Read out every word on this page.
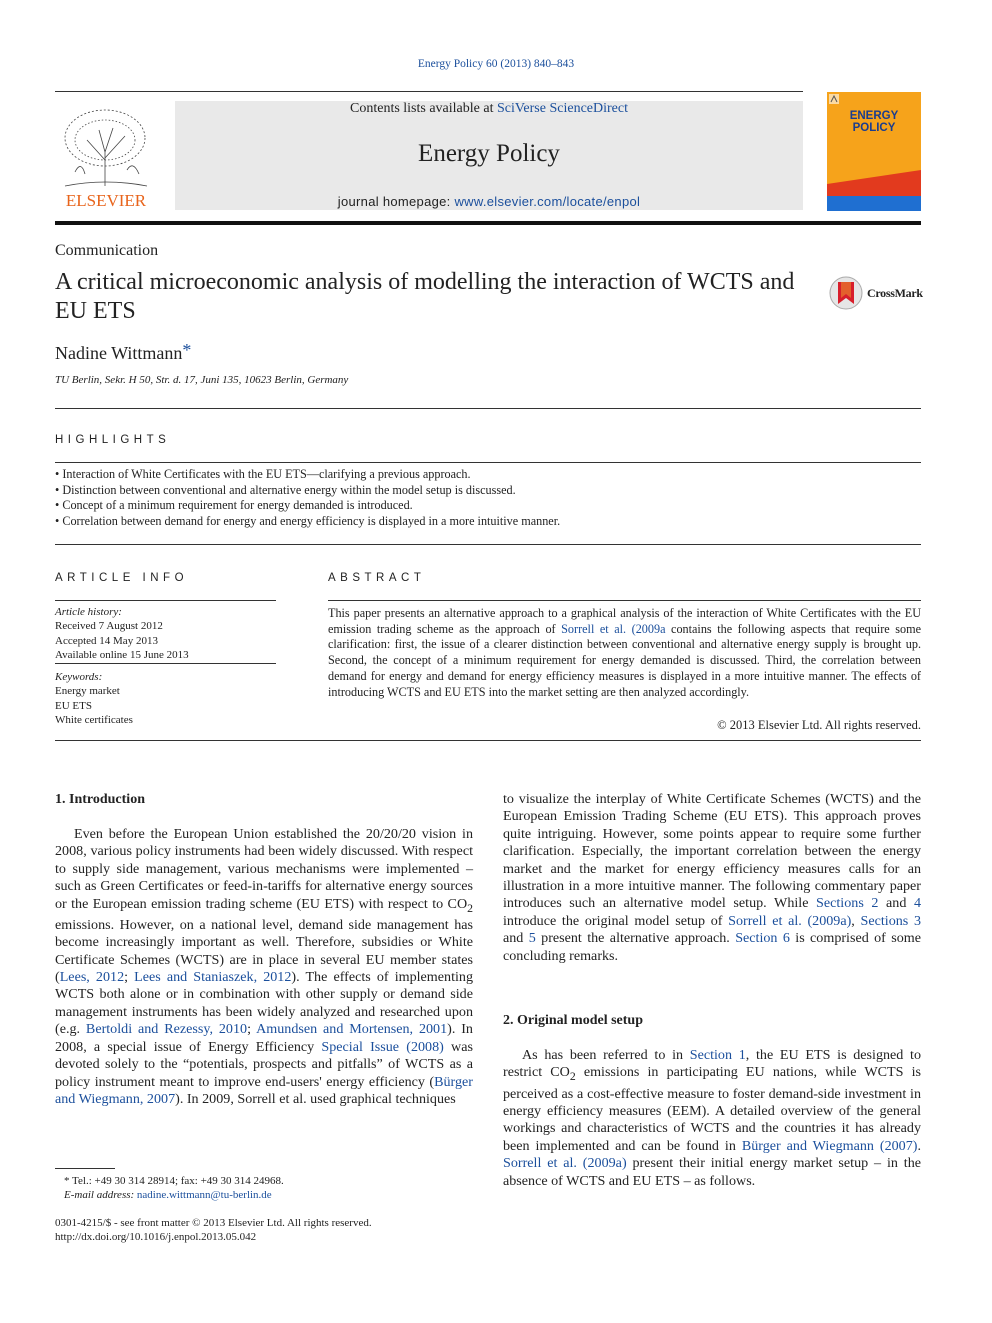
Energy Policy 60 (2013) 840–843
ELSEVIER
Contents lists available at SciVerse ScienceDirect
Energy Policy
journal homepage: www.elsevier.com/locate/enpol
ENERGY POLICY
Communication
A critical microeconomic analysis of modelling the interaction of WCTS and EU ETS
CrossMark
Nadine Wittmann*
TU Berlin, Sekr. H 50, Str. d. 17, Juni 135, 10623 Berlin, Germany
HIGHLIGHTS
• Interaction of White Certificates with the EU ETS—clarifying a previous approach.
• Distinction between conventional and alternative energy within the model setup is discussed.
• Concept of a minimum requirement for energy demanded is introduced.
• Correlation between demand for energy and energy efficiency is displayed in a more intuitive manner.
ARTICLE INFO
Article history:
Received 7 August 2012
Accepted 14 May 2013
Available online 15 June 2013
Keywords:
Energy market
EU ETS
White certificates
ABSTRACT
This paper presents an alternative approach to a graphical analysis of the interaction of White Certificates with the EU emission trading scheme as the approach of Sorrell et al. (2009a contains the following aspects that require some clarification: first, the issue of a clearer distinction between conventional and alternative energy supply is brought up. Second, the concept of a minimum requirement for energy demanded is discussed. Third, the correlation between demand for energy and demand for energy efficiency measures is displayed in a more intuitive manner. The effects of introducing WCTS and EU ETS into the market setting are then analyzed accordingly.
© 2013 Elsevier Ltd. All rights reserved.
1. Introduction

Even before the European Union established the 20/20/20 vision in 2008, various policy instruments had been widely discussed. With respect to supply side management, various mechanisms were implemented – such as Green Certificates or feed-in-tariffs for alternative energy sources or the European emission trading scheme (EU ETS) with respect to $CO_2$ emissions. However, on a national level, demand side management has become increasingly important as well. Therefore, subsidies or White Certificate Schemes (WCTS) are in place in several EU member states (Lees, 2012; Lees and Staniaszek, 2012). The effects of implementing WCTS both alone or in combination with other supply or demand side management instruments has been widely analyzed and researched upon (e.g. Bertoldi and Rezessy, 2010; Amundsen and Mortensen, 2001). In 2008, a special issue of Energy Efficiency Special Issue (2008) was devoted solely to the “potentials, prospects and pitfalls” of WCTS as a policy instrument meant to improve end-users' energy efficiency (Bürger and Wiegmann, 2007). In 2009, Sorrell et al. used graphical techniques

to visualize the interplay of White Certificate Schemes (WCTS) and the European Emission Trading Scheme (EU ETS). This approach proves quite intriguing. However, some points appear to require some further clarification. Especially, the important correlation between the energy market and the market for energy efficiency measures calls for an illustration in a more intuitive manner. The following commentary paper introduces such an alternative model setup. While Sections 2 and 4 introduce the original model setup of Sorrell et al. (2009a), Sections 3 and 5 present the alternative approach. Section 6 is comprised of some concluding remarks.

2. Original model setup

As has been referred to in Section 1, the EU ETS is designed to restrict $CO_2$ emissions in participating EU nations, while WCTS is perceived as a cost-effective measure to foster demand-side investment in energy efficiency measures (EEM). A detailed overview of the general workings and characteristics of WCTS and the countries it has already been implemented and can be found in Bürger and Wiegmann (2007). Sorrell et al. (2009a) present their initial energy market setup – in the absence of WCTS and EU ETS – as follows.

* Tel.: +49 30 314 28914; fax: +49 30 314 24968.
E-mail address: nadine.wittmann@tu-berlin.de
0301-4215/$ - see front matter © 2013 Elsevier Ltd. All rights reserved.
http://dx.doi.org/10.1016/j.enpol.2013.05.042
